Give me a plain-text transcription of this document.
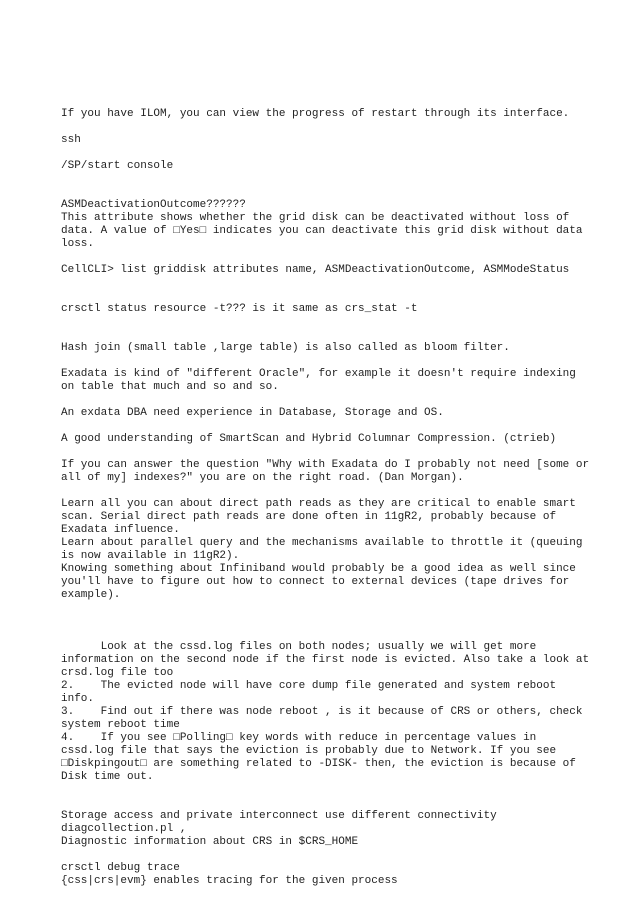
If you have ILOM, you can view the progress of restart through its interface.
ssh
/SP/start console
ASMDeactivationOutcome??????
This attribute shows whether the grid disk can be deactivated without loss of
data. A value of □Yes□ indicates you can deactivate this grid disk without data
loss.
CellCLI> list griddisk attributes name, ASMDeactivationOutcome, ASMModeStatus
crsctl status resource -t??? is it same as crs_stat -t
Hash join (small table ,large table) is also called as bloom filter.
Exadata is kind of "different Oracle", for example it doesn't require indexing
on table that much and so and so.
An exdata DBA need experience in Database, Storage and OS.
A good understanding of SmartScan and Hybrid Columnar Compression. (ctrieb)
If you can answer the question "Why with Exadata do I probably not need [some or
all of my] indexes?" you are on the right road. (Dan Morgan).
Learn all you can about direct path reads as they are critical to enable smart
scan. Serial direct path reads are done often in 11gR2, probably because of
Exadata influence.
Learn about parallel query and the mechanisms available to throttle it (queuing
is now available in 11gR2).
Knowing something about Infiniband would probably be a good idea as well since
you'll have to figure out how to connect to external devices (tape drives for
example).
Look at the cssd.log files on both nodes; usually we will get more
information on the second node if the first node is evicted. Also take a look at
crsd.log file too
2.    The evicted node will have core dump file generated and system reboot
info.
3.    Find out if there was node reboot , is it because of CRS or others, check
system reboot time
4.    If you see □Polling□ key words with reduce in percentage values in
cssd.log file that says the eviction is probably due to Network. If you see
□Diskpingout□ are something related to -DISK- then, the eviction is because of
Disk time out.
Storage access and private interconnect use different connectivity
diagcollection.pl ,
Diagnostic information about CRS in $CRS_HOME
crsctl debug trace
{css|crs|evm} enables tracing for the given process
